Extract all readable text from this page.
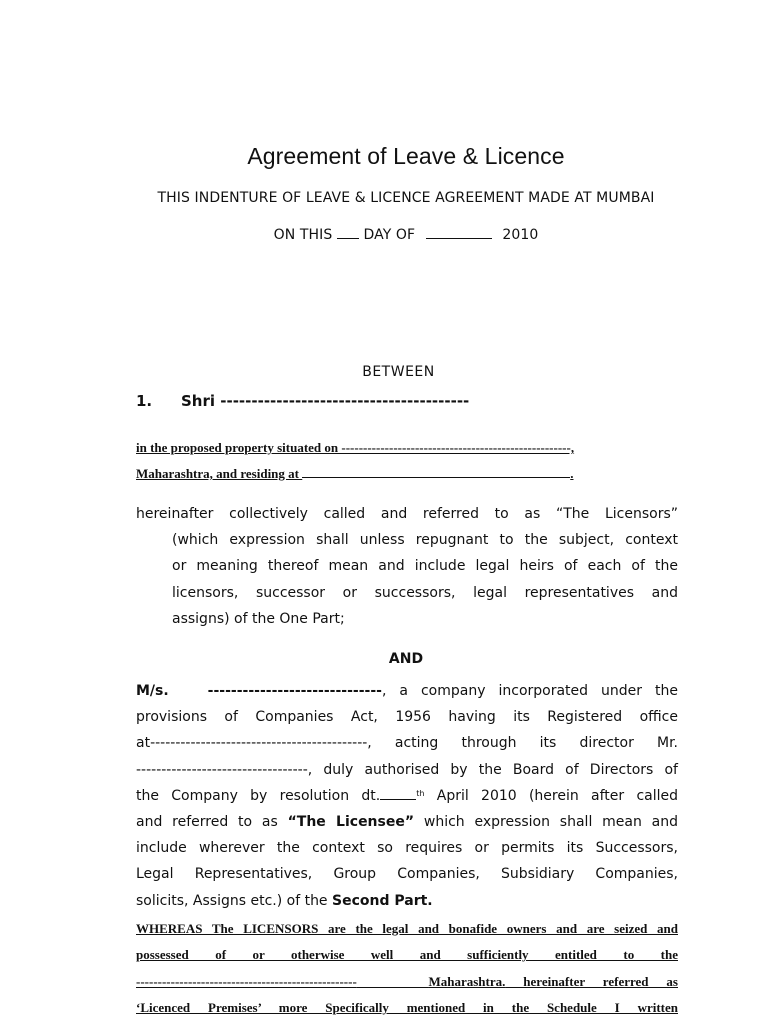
Agreement of Leave & Licence

THIS INDENTURE OF LEAVE & LICENCE AGREEMENT MADE AT MUMBAI

ON THIS DAY OF	2010

BETWEEN

1. Shri ----------------------------------------

in the proposed property situated on -----------------------------------------------------,

Maharashtra, and residing at	.

hereinafter collectively called and referred to as “The Licensors”
(which expression shall unless repugnant to the subject, context
or meaning thereof mean and include legal heirs of each of the
licensors, successor or successors, legal representatives and
assigns) of the One Part;

AND

M/s.	------------------------------, a company incorporated under the
provisions of Companies Act, 1956 having its Registered office
at-------------------------------------------, acting through its director Mr.
----------------------------------, duly authorised by the Board of Directors of
the Company by resolution dt.	$^{th}$ April 2010 (herein after called
and referred to as “The Licensee” which expression shall mean and
include wherever the context so requires or permits its Successors,
Legal Representatives, Group Companies, Subsidiary Companies,
solicits, Assigns etc.) of the Second Part.
WHEREAS The LICENSORS are the legal and bonafide owners and are seized and
possessed of or otherwise well and sufficiently entitled to the
---------------------------------------------------	Maharashtra. hereinafter referred as
‘Licenced Premises’ more Specifically mentioned in the Schedule I written
